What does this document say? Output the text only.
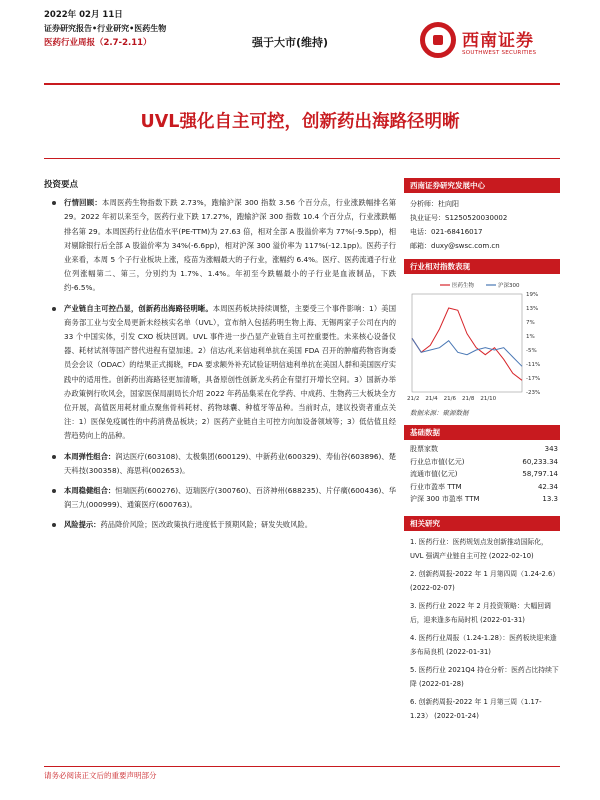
2022年 02月 11日
证券研究报告•行业研究•医药生物
医药行业周报（2.7-2.11）	强于大市(维持)	西南证券
SOUTHWEST SECURITIES
UVL强化自主可控，创新药出海路径明晰
投资要点
行情回顾：本周医药生物指数下跌 2.73%，跑输沪深 300 指数 3.56 个百分点，行业涨跌幅排名第 29。2022 年初以来至今，医药行业下跌 17.27%，跑输沪深 300 指数 10.4 个百分点，行业涨跌幅排名第 29。本周医药行业估值水平(PE-TTM)为 27.63 倍，相对全部 A 股溢价率为 77%(-9.5pp)，相对剔除银行后全部 A 股溢价率为 34%(-6.6pp)，相对沪深 300 溢价率为 117%(-12.1pp)。医药子行业来看，本周 5 个子行业板块上涨，疫苗为涨幅最大的子行业，涨幅约 6.4%。医疗、医药流通子行业位列涨幅第二、第三，分别约为 1.7%、1.4%。年初至今跌幅最小的子行业是血液制品，下跌约-6.5%。
产业链自主可控凸显，创新药出海路径明晰。本周医药板块持续调整，主要受三个事件影响：1）美国商务部工业与安全局更新未经核实名单（UVL），宣布纳入包括药明生物上海、无锡两家子公司在内的 33 个中国实体，引发 CXO 板块回调。UVL 事件进一步凸显产业链自主可控重要性。未来核心设备仪器、耗材试剂等国产替代进程有望加速。2）信达/礼来信迪利单抗在美国 FDA 召开的肿瘤药物咨询委员会会议（ODAC）的结果正式揭晓，FDA 要求额外补充试验证明信迪利单抗在美国人群和美国医疗实践中的适用性。创新药出海路径更加清晰，具备原创性创新龙头药企有望打开增长空间。3）国新办举办政策例行吹风会，国家医保局副局长介绍 2022 年药品集采在化学药、中成药、生物药三大板块全方位开展，高值医用耗材重点聚焦骨科耗材、药物球囊、种植牙等品种。当前时点，建议投资者重点关注：1）医保免疫属性的中药消费品板块；2）医药产业链自主可控方向加设备领域等；3）低估值且经营趋势向上的品种。
本周弹性组合：润达医疗(603108)、太极集团(600129)、中新药业(600329)、寿仙谷(603896)、楚天科技(300358)、海思科(002653)。
本周稳健组合：恒瑞医药(600276)、迈瑞医疗(300760)、百济神州(688235)、片仔癀(600436)、华润三九(000999)、通策医疗(600763)。
风险提示：药品降价风险；医改政策执行进度低于预期风险；研发失败风险。
西南证券研究发展中心
分析师：杜向阳
执业证号：S1250520030002
电话：021-68416017
邮箱：duxy@swsc.com.cn
行业相对指数表现
19%
13%
7%
1%
-5%
-11%
-17%
-23%
21/2 21/4 21/6 21/8 21/10
医药生物	沪深300
数据来源：聚源数据
基础数据
股票家数	343
行业总市值(亿元)	60,233.34
流通市值(亿元)	58,797.14
行业市盈率 TTM	42.34
沪深 300 市盈率 TTM	13.3
相关研究
1. 医药行业：医药规划点发创新推动国际化，UVL 强调产业链自主可控 (2022-02-10)
2. 创新药周报-2022 年 1 月第四周（1.24-2.6） (2022-02-07)
3. 医药行业 2022 年 2 月投资策略：大幅回调后，迎来逢多布局时机 (2022-01-31)
4. 医药行业周报（1.24-1.28）：医药板块迎来逢多布局良机 (2022-01-31)
5. 医药行业 2021Q4 持仓分析：医药占比持续下降 (2022-01-28)
6. 创新药周报-2022 年 1 月第三周（1.17-1.23） (2022-01-24)
请务必阅读正文后的重要声明部分
